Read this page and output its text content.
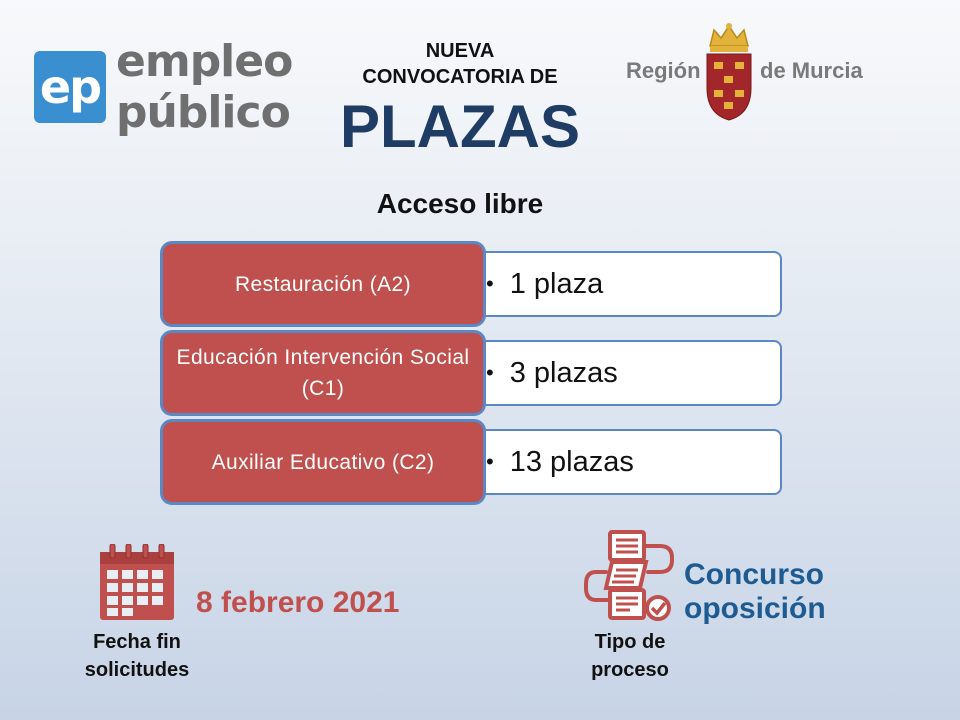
ep empleo
público
NUEVA
CONVOCATORIA DE
PLAZAS
Región	de Murcia
Acceso libre
• 1 plaza
Restauración (A2)
• 3 plazas
Educación Intervención Social (C1)
• 13 plazas
Auxiliar Educativo (C2)
8 febrero 2021
Fecha fin
solicitudes
Concurso
oposición
Tipo de
proceso
